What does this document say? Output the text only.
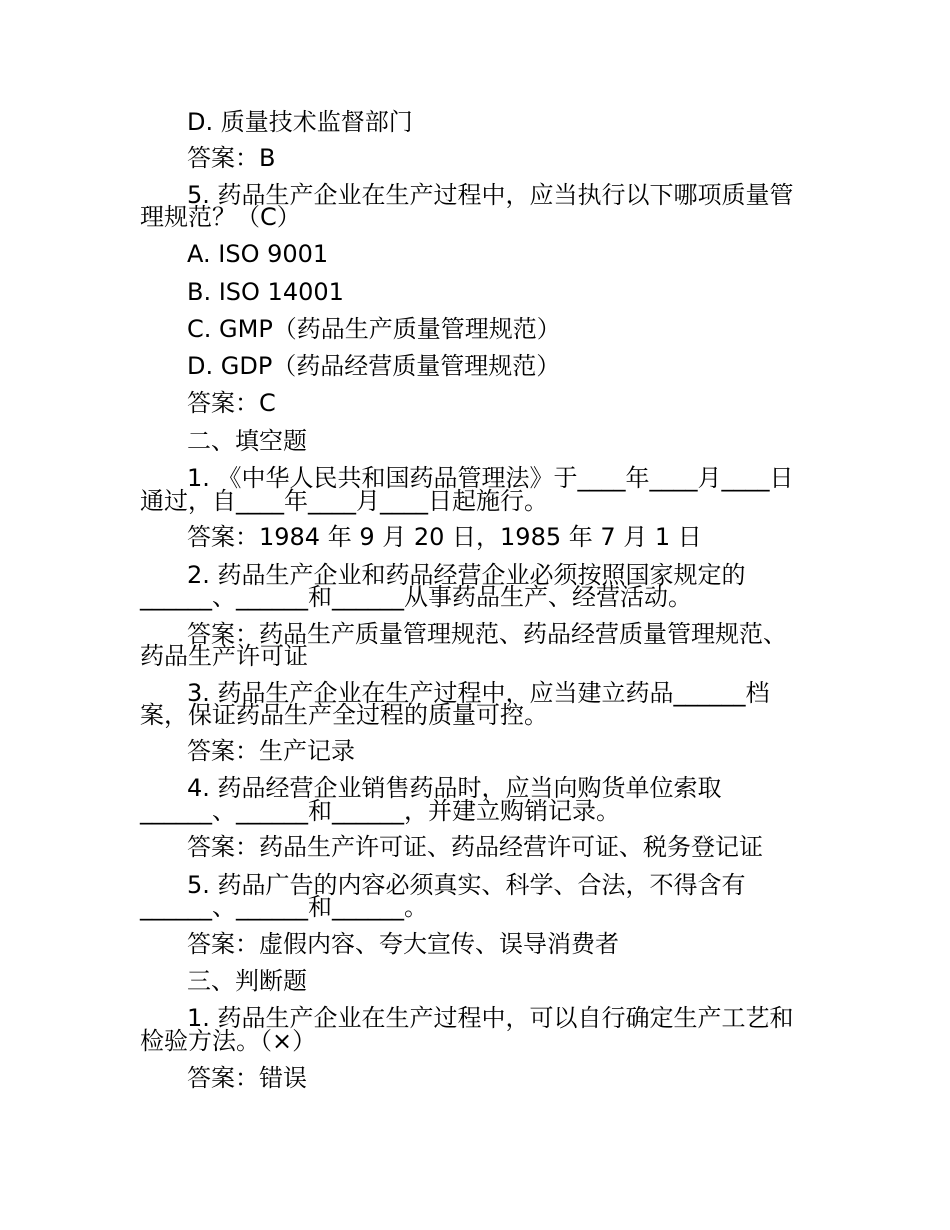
D. 质量技术监督部门
答案：B
5. 药品生产企业在生产过程中，应当执行以下哪项质量管
理规范？（C）
A. ISO 9001
B. ISO 14001
C. GMP（药品生产质量管理规范）
D. GDP（药品经营质量管理规范）
答案：C
二、填空题
1. 《中华人民共和国药品管理法》于____年____月____日
通过，自____年____月____日起施行。
答案：1984 年 9 月 20 日，1985 年 7 月 1 日
2. 药品生产企业和药品经营企业必须按照国家规定的
______、______和______从事药品生产、经营活动。
答案：药品生产质量管理规范、药品经营质量管理规范、
药品生产许可证
3. 药品生产企业在生产过程中，应当建立药品______档
案，保证药品生产全过程的质量可控。
答案：生产记录
4. 药品经营企业销售药品时，应当向购货单位索取
______、______和______，并建立购销记录。
答案：药品生产许可证、药品经营许可证、税务登记证
5. 药品广告的内容必须真实、科学、合法，不得含有
______、______和______。
答案：虚假内容、夸大宣传、误导消费者
三、判断题
1. 药品生产企业在生产过程中，可以自行确定生产工艺和
检验方法。（×）
答案：错误
